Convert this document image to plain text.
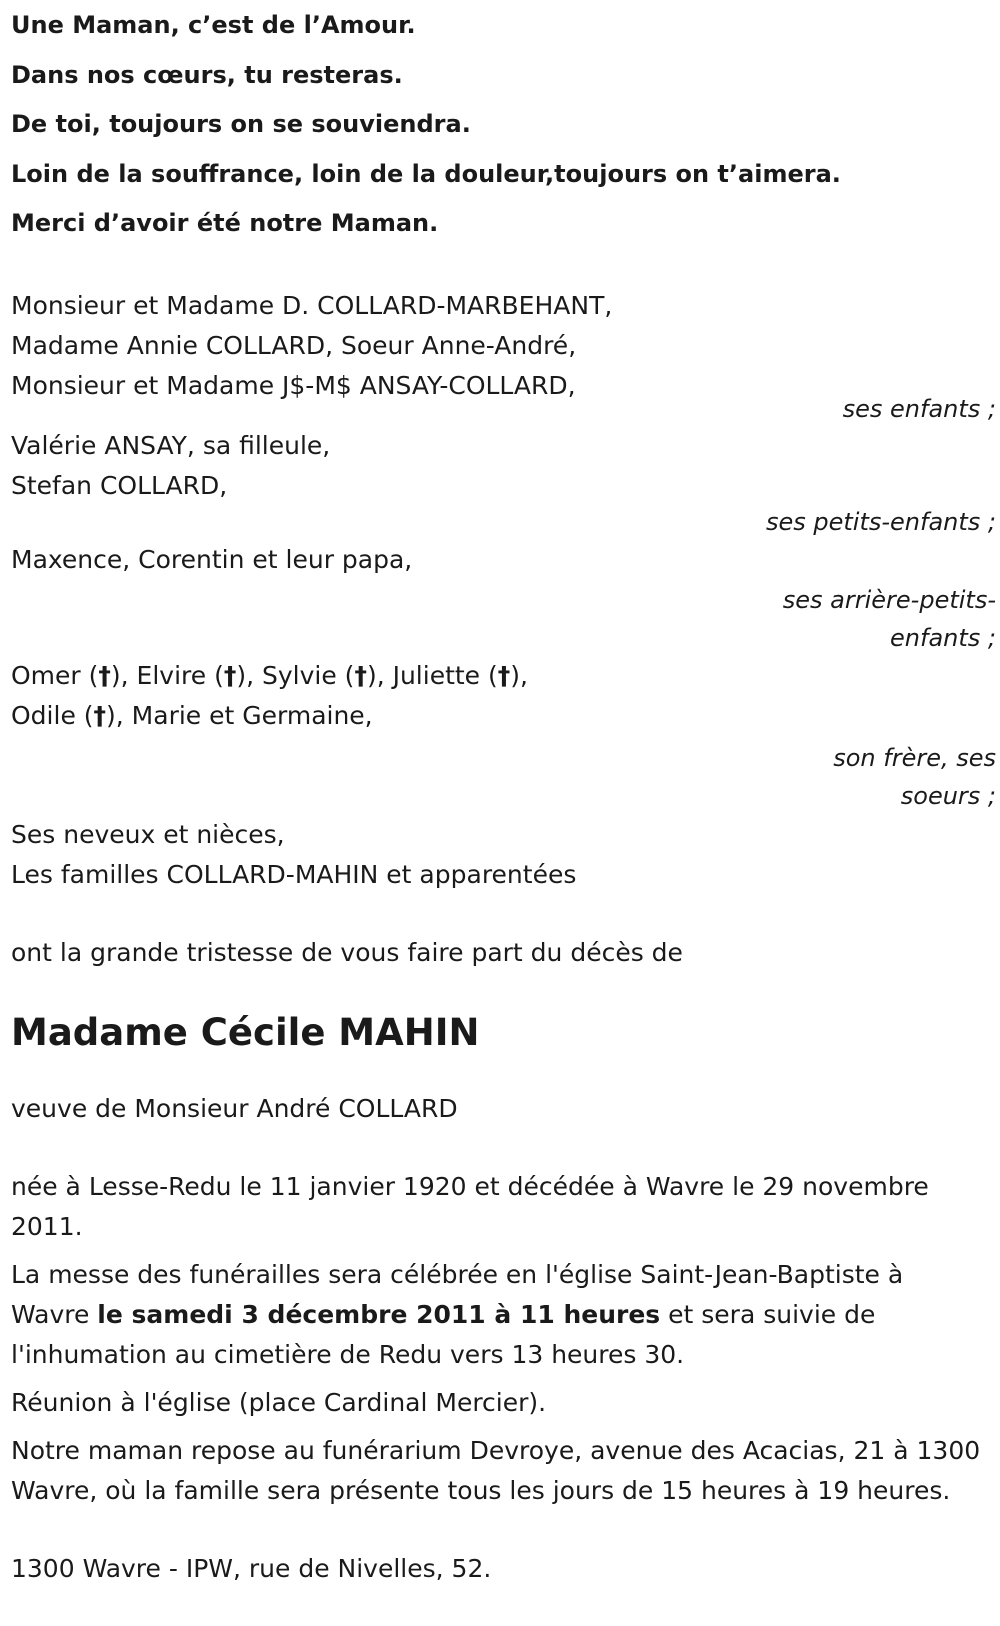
Une Maman, c’est de l’Amour.

Dans nos cœurs, tu resteras.

De toi, toujours on se souviendra.

Loin de la souffrance, loin de la douleur,toujours on t’aimera.

Merci d’avoir été notre Maman.

Monsieur et Madame D. COLLARD-MARBEHANT,

Madame Annie COLLARD, Soeur Anne-André,

Monsieur et Madame J$-M$ ANSAY-COLLARD,

ses enfants ;

Valérie ANSAY, sa filleule,

Stefan COLLARD,

ses petits-enfants ;

Maxence, Corentin et leur papa,

ses arrière-petits-

enfants ;

Omer (†), Elvire (†), Sylvie (†), Juliette (†),

Odile (†), Marie et Germaine,

son frère, ses

soeurs ;

Ses neveux et nièces,

Les familles COLLARD-MAHIN et apparentées

ont la grande tristesse de vous faire part du décès de

Madame Cécile MAHIN

veuve de Monsieur André COLLARD

née à Lesse-Redu le 11 janvier 1920 et décédée à Wavre le 29 novembre 2011.

La messe des funérailles sera célébrée en l'église Saint-Jean-Baptiste à Wavre le samedi 3 décembre 2011 à 11 heures et sera suivie de l'inhumation au cimetière de Redu vers 13 heures 30.

Réunion à l'église (place Cardinal Mercier).

Notre maman repose au funérarium Devroye, avenue des Acacias, 21 à 1300 Wavre, où la famille sera présente tous les jours de 15 heures à 19 heures.

1300 Wavre - IPW, rue de Nivelles, 52.
